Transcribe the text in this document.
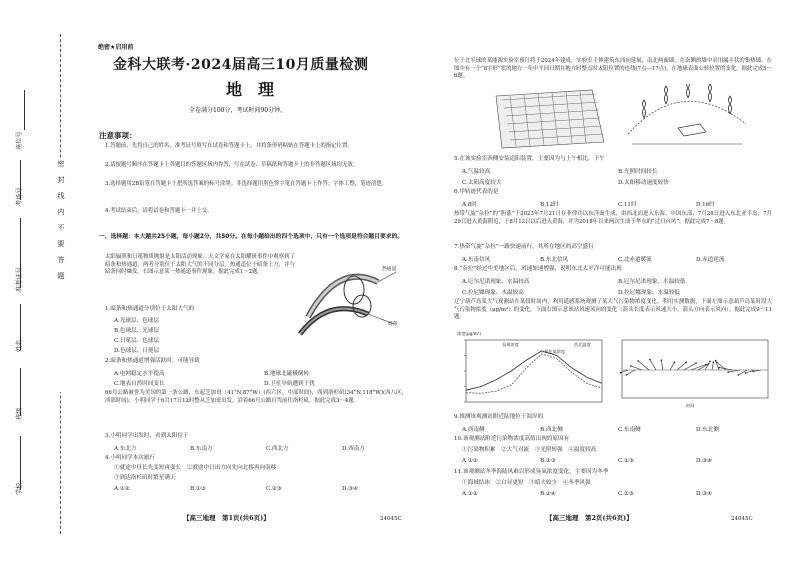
密　封　线　内　不　要　答　题
座位号
考场号
准考证号
姓名
班级
学校
绝密★启用前
金科大联考·2024届高三10月质量检测
地　理
全卷满分100分，考试时间90分钟。
注意事项：
1.答题前，先将自己的姓名、准考证号填写在试卷和答题卡上，并将条形码粘贴在答题卡上的指定位置。
2.请按题号顺序在答题卡上各题目的答题区域内作答，写在试卷、草稿纸和答题卡上的非答题区域均无效。
3.选择题用2B铅笔在答题卡上把所选答案的标号涂黑；非选择题用黑色签字笔在答题卡上作答；字体工整，笔迹清楚。
4.考试结束后，请将试卷和答题卡一并上交。
一、选择题：本大题共25小题，每小题2分，共50分。在每小题给出的四个选项中，只有一个选项是符合题目要求的。
太阳辐照和日冕物质抛射是太阳活动现象。天文学家在太阳耀斑事件中观察到了暗条和热通道，两者分别位于太阳大气的不同分层。热通道位于暗条上方，并与暗条同时爆发。右图示意某一热通道事件现象。据此完成1～2题。	热通道
暗条
1.暗条和热通道分别位于太阳大气的
A.光球层、色球层
B.色球层、光球层
C.日冕层、色球层
D.色球层、日冕层
2.暗条和热通道增强活跃时，可能导致
A.电网稳定水平提高	B.地球北磁极倒转
C.地表自然时间变长	D.卫星导航遭到干扰
66号公路被誉为美国的第一条公路，东起芝加哥（41°N,87°W）(西六区，中部时间)，西到洛杉矶(34°N,118°W)(西八区，西部时间)。小明同学于6月17日12时整从芝加哥出发，沿着66号公路自驾前往洛杉矶。据此完成3～4题。
3.小明同学出发时，看到太阳位于
A.东北方	B.东南方	C.西北方	D.西南方
4.小明同学本次旅行
①就途中昼长先变短再变长　②就途中日出方向先向北移再向南移
③到达洛杉矶时繁星满天
A.①②	B.①③	C.②③	D.③④
【高三地理　第1页(共6页)】	24045C
位于北半球的某能源实验室预计将于2024年建成，实验室主体建筑东西向延展，南北两面墙，在南侧的墙中采用漏斗状的集热墙。在图中有一个“8字形”状的地方一年中不同日期在地方时整点时太阳位置的连线(7点—17点)，在地球表面公转位置的变化。据此完成5～6题。
5.在该实验室西侧安装追阳装置，主要因为与上午相比，下午
A.气温较高	B.光照时间较长
C.太阳高度较大	D.太阳移动速度较快
6.甲轨迹代表的是
A.8时	B.12时	C.11时	D.16时
热带气旋“杂拉”的“胆涨”于2023年7月21日在菲律宾以东洋面生成，由西北而进入东海、中国东部，7月28日进入东北亚半岛，7月29日进入黄海附近，于8月12日以后进入黄海，并为2018年以来两次生成于华东的“过日台风”。据此完成7～8题。
7.热带气旋“杂拉”一路快速前行，其所在地区的高空盛行
A.东南信风	B.东北信风	C.北赤道暖流	D.赤道逆流
8.“杂拉”经过中美地区后，风速加速增强，说明东北太平洋可能出现
A.厄尔尼诺现象、水温较高	B.厄尔尼诺现象、水温较低
C.拉尼娜现象、水温较高	D.拉尼娜现象、水温较低
辽宁葫芦岛某大气观测站在某段时间内，利用遥感系统观测了某大气污染物浓度变化。利用实测数据，下面左图示意葫芦岛某时段大气污染物浓度（μg/m³）的变化，下面右图示意该站风速风向的变化（箭头长度表示风速大小，箭头方向表示风向）。据此完成9～11题。
浓度(μg/m³)
臭氧浓度
二氧化氮浓度
西北温度
时间
9.推测该观测站附近陆地位于海岸的
A.西南侧	B.西北侧	C.东南侧	D.东北侧
10.该观测站附近污染物浓度高值出现的原因有
①污染物积累　②大气对流　③光照转强　④温度较高
A.①②	B.②③	C.①③	D.③④
11.该观测站冬季海陆风难以形成臭氧浓度变化，主要因为冬季
①海域结冰　②白昼更短　③暗夫较少　④冬季风强
A.①②	B.②④	C.②③	D.③④
【高三地理　第2页(共6页)】	24045C
